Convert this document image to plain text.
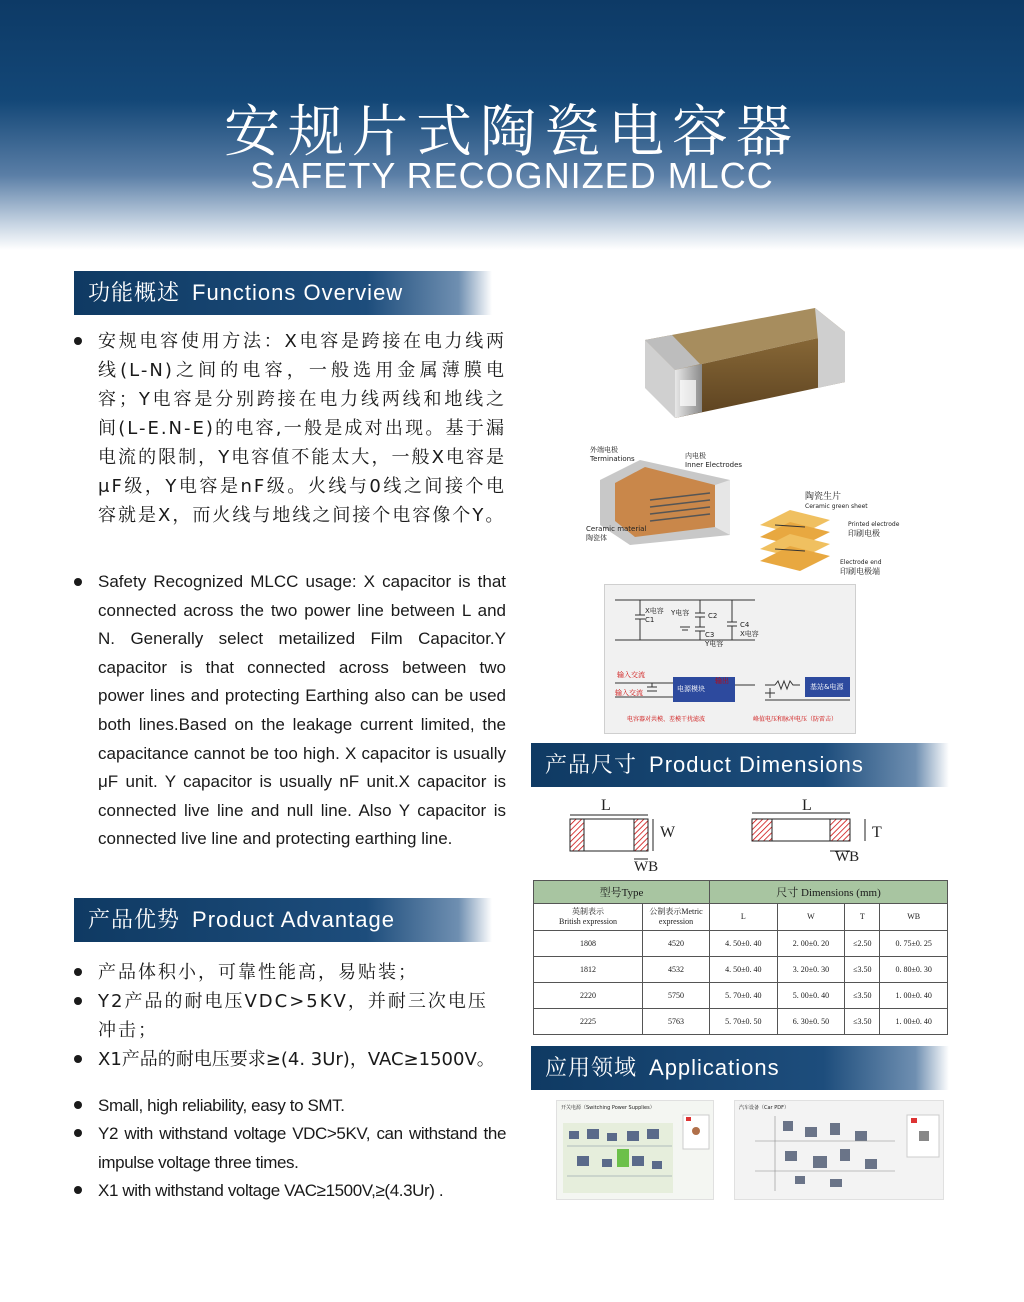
安规片式陶瓷电容器
SAFETY RECOGNIZED MLCC
功能概述 Functions Overview
安规电容使用方法：X电容是跨接在电力线两线(L-N)之间的电容，一般选用金属薄膜电容；Y电容是分别跨接在电力线两线和地线之间(L-E.N-E)的电容,一般是成对出现。基于漏电流的限制，Y电容值不能太大，一般X电容是μF级，Y电容是nF级。火线与0线之间接个电容就是X，而火线与地线之间接个电容像个Y。
Safety Recognized MLCC usage: X capacitor is that connected across the two power line between L and N. Generally select metailized Film Capacitor.Y capacitor is that connected across between two power lines and protecting Earthing also can be used both lines.Based on the leakage current limited, the capacitance cannot be too high. X capacitor is usually μF unit. Y capacitor is usually nF unit.X capacitor is connected live line and null line. Also Y capacitor is connected live line and protecting earthing line.
产品优势 Product Advantage
产品体积小，可靠性能高，易贴装；
Y2产品的耐电压VDC>5KV，并耐三次电压冲击；
X1产品的耐电压要求≥(4. 3Ur)，VAC≥1500V。
Small, high reliability, easy to SMT.
Y2 with withstand voltage VDC>5KV, can withstand the impulse voltage three times.
X1 with withstand voltage VAC≥1500V,≥(4.3Ur) .
外端电极
Terminations	内电极
Inner Electrodes
Ceramic material
陶瓷体
陶瓷生片
Ceramic green sheet
Printed electrode
印刷电极
Electrode end
印刷电极端
X电容
C1
Y电容	C2
C3
Y电容
C4
X电容
输入交流
输入交流
输出
电源模块	基站&电源
电容器对共模、差模干扰滤波	峰值电压和脉冲电压（防雷击）
产品尺寸 Product Dimensions
L
W
WB
L
T
WB
型号Type		尺寸 Dimensions (mm)			
英制表示
British expression	公制表示Metric expression	L	W	T	WB
1808	4520	4. 50±0. 40	2. 00±0. 20	≤2.50	0. 75±0. 25
1812	4532	4. 50±0. 40	3. 20±0. 30	≤3.50	0. 80±0. 30
2220	5750	5. 70±0. 40	5. 00±0. 40	≤3.50	1. 00±0. 40
2225	5763	5. 70±0. 50	6. 30±0. 50	≤3.50	1. 00±0. 40
应用领域 Applications
开关电源（Switching Power Supplies）	汽车设备（Car PDF）
